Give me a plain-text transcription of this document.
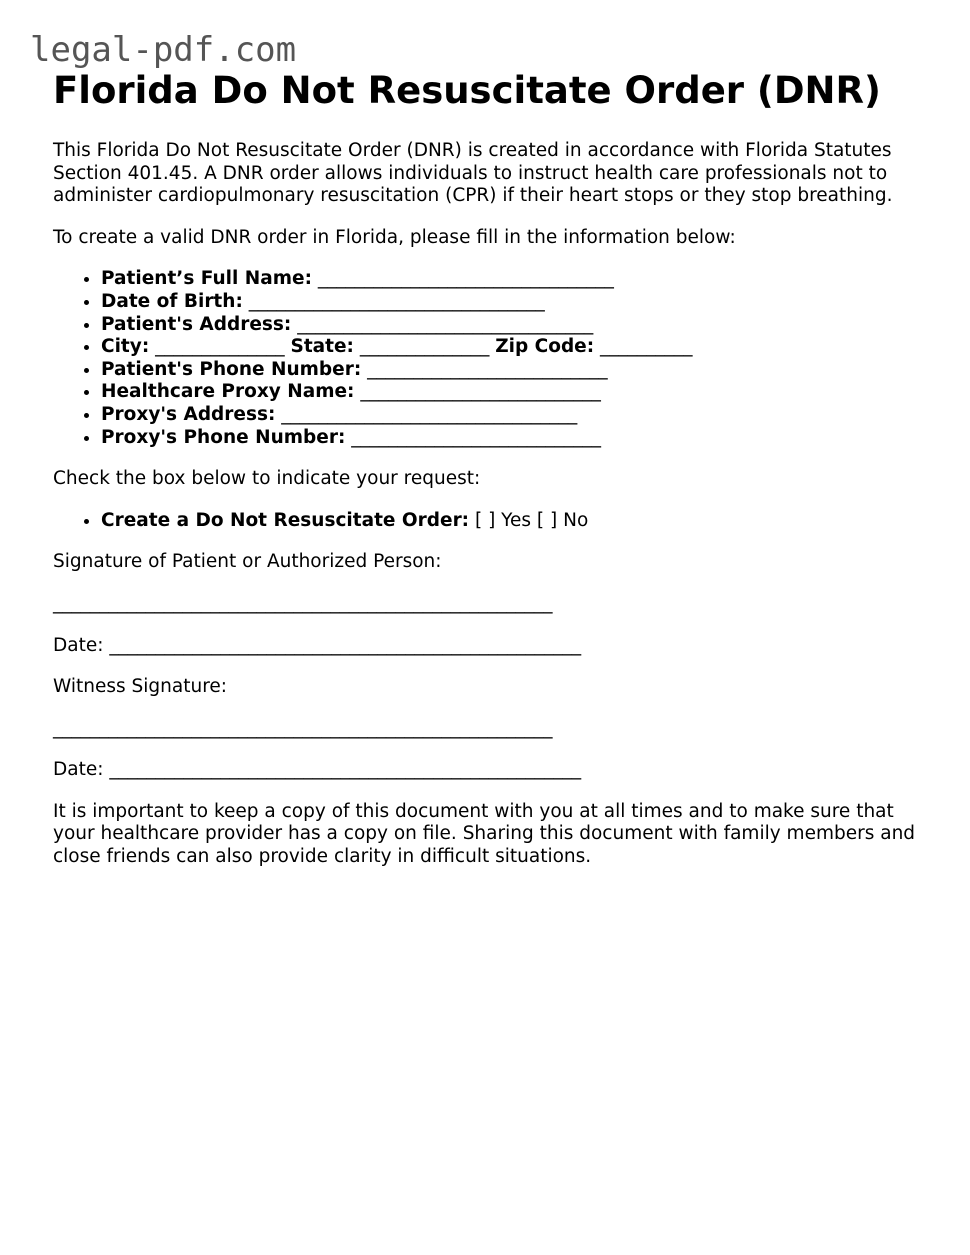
legal-pdf.com
Florida Do Not Resuscitate Order (DNR)

This Florida Do Not Resuscitate Order (DNR) is created in accordance with Florida Statutes Section 401.45. A DNR order allows individuals to instruct health care professionals not to administer cardiopulmonary resuscitation (CPR) if their heart stops or they stop breathing.

To create a valid DNR order in Florida, please fill in the information below:

• Patient’s Full Name: ________________________________
• Date of Birth: ________________________________
• Patient's Address: ________________________________
• City: ______________ State: ______________ Zip Code: __________
• Patient's Phone Number: __________________________
• Healthcare Proxy Name: __________________________
• Proxy's Address: ________________________________
• Proxy's Phone Number: ___________________________

Check the box below to indicate your request:

• Create a Do Not Resuscitate Order: [ ] Yes [ ] No

Signature of Patient or Authorized Person:

______________________________________________________

Date: ___________________________________________________

Witness Signature:

______________________________________________________

Date: ___________________________________________________

It is important to keep a copy of this document with you at all times and to make sure that your healthcare provider has a copy on file. Sharing this document with family members and close friends can also provide clarity in difficult situations.
